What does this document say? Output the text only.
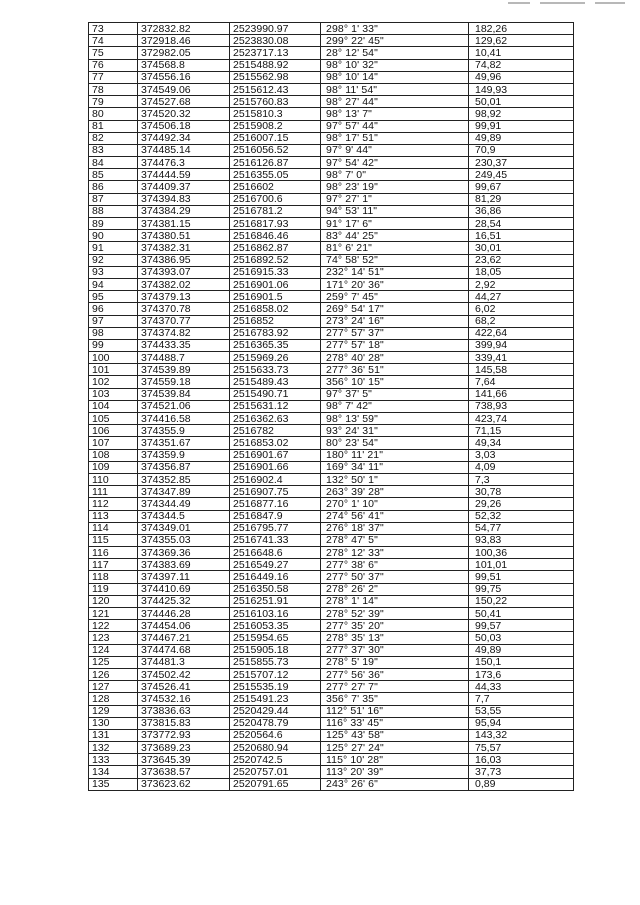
73	372832.82	2523990.97	298° 1' 33"	182,26
74	372918.46	2523830.08	299° 22' 45"	129,62
75	372982.05	2523717.13	28° 12' 54"	10,41
76	374568.8	2515488.92	98° 10' 32"	74,82
77	374556.16	2515562.98	98° 10' 14"	49,96
78	374549.06	2515612.43	98° 11' 54"	149,93
79	374527.68	2515760.83	98° 27' 44"	50,01
80	374520.32	2515810.3	98° 13' 7"	98,92
81	374506.18	2515908.2	97° 57' 44"	99,91
82	374492.34	2516007.15	98° 17' 51"	49,89
83	374485.14	2516056.52	97° 9' 44"	70,9
84	374476.3	2516126.87	97° 54' 42"	230,37
85	374444.59	2516355.05	98° 7' 0"	249,45
86	374409.37	2516602	98° 23' 19"	99,67
87	374394.83	2516700.6	97° 27' 1"	81,29
88	374384.29	2516781.2	94° 53' 11"	36,86
89	374381.15	2516817.93	91° 17' 6"	28,54
90	374380.51	2516846.46	83° 44' 25"	16,51
91	374382.31	2516862.87	81° 6' 21"	30,01
92	374386.95	2516892.52	74° 58' 52"	23,62
93	374393.07	2516915.33	232° 14' 51"	18,05
94	374382.02	2516901.06	171° 20' 36"	2,92
95	374379.13	2516901.5	259° 7' 45"	44,27
96	374370.78	2516858.02	269° 54' 17"	6,02
97	374370.77	2516852	273° 24' 16"	68,2
98	374374.82	2516783.92	277° 57' 37"	422,64
99	374433.35	2516365.35	277° 57' 18"	399,94
100	374488.7	2515969.26	278° 40' 28"	339,41
101	374539.89	2515633.73	277° 36' 51"	145,58
102	374559.18	2515489.43	356° 10' 15"	7,64
103	374539.84	2515490.71	97° 37' 5"	141,66
104	374521.06	2515631.12	98° 7' 42"	738,93
105	374416.58	2516362.63	98° 13' 59"	423,74
106	374355.9	2516782	93° 24' 31"	71,15
107	374351.67	2516853.02	80° 23' 54"	49,34
108	374359.9	2516901.67	180° 11' 21"	3,03
109	374356.87	2516901.66	169° 34' 11"	4,09
110	374352.85	2516902.4	132° 50' 1"	7,3
111	374347.89	2516907.75	263° 39' 28"	30,78
112	374344.49	2516877.16	270° 1' 10"	29,26
113	374344.5	2516847.9	274° 56' 41"	52,32
114	374349.01	2516795.77	276° 18' 37"	54,77
115	374355.03	2516741.33	278° 47' 5"	93,83
116	374369.36	2516648.6	278° 12' 33"	100,36
117	374383.69	2516549.27	277° 38' 6"	101,01
118	374397.11	2516449.16	277° 50' 37"	99,51
119	374410.69	2516350.58	278° 26' 2"	99,75
120	374425.32	2516251.91	278° 1' 14"	150,22
121	374446.28	2516103.16	278° 52' 39"	50,41
122	374454.06	2516053.35	277° 35' 20"	99,57
123	374467.21	2515954.65	278° 35' 13"	50,03
124	374474.68	2515905.18	277° 37' 30"	49,89
125	374481.3	2515855.73	278° 5' 19"	150,1
126	374502.42	2515707.12	277° 56' 36"	173,6
127	374526.41	2515535.19	277° 27' 7"	44,33
128	374532.16	2515491.23	356° 7' 35"	7,7
129	373836.63	2520429.44	112° 51' 16"	53,55
130	373815.83	2520478.79	116° 33' 45"	95,94
131	373772.93	2520564.6	125° 43' 58"	143,32
132	373689.23	2520680.94	125° 27' 24"	75,57
133	373645.39	2520742.5	115° 10' 28"	16,03
134	373638.57	2520757.01	113° 20' 39"	37,73
135	373623.62	2520791.65	243° 26' 6"	0,89
